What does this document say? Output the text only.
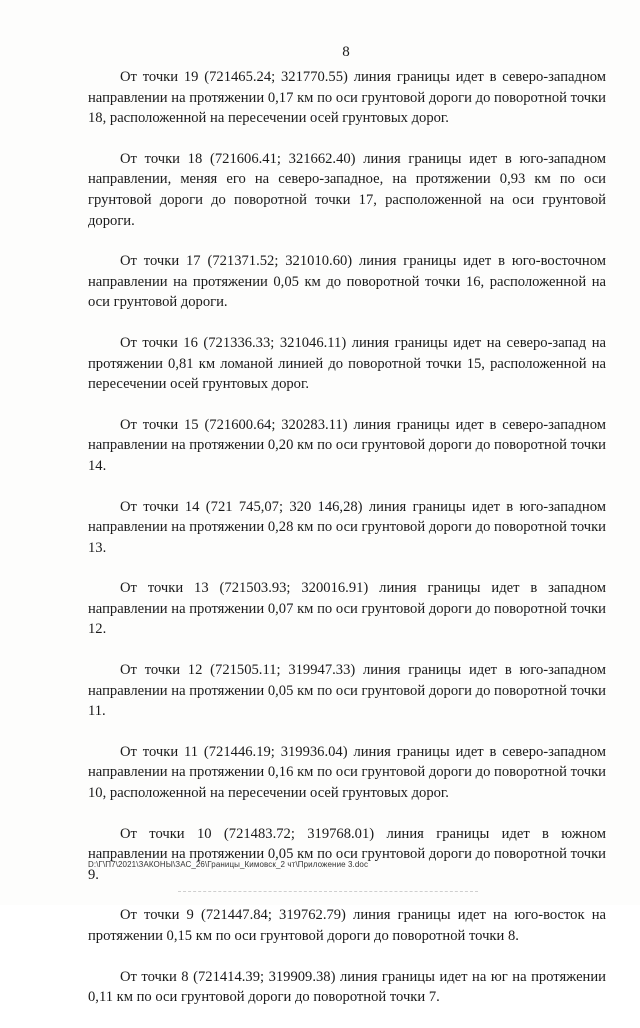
8

От точки 19 (721465.24; 321770.55) линия границы идет в северо-западном направлении на протяжении 0,17 км по оси грунтовой дороги до поворотной точки 18, расположенной на пересечении осей грунтовых дорог.

От точки 18 (721606.41; 321662.40) линия границы идет в юго-западном направлении, меняя его на северо-западное, на протяжении 0,93 км по оси грунтовой дороги до поворотной точки 17, расположенной на оси грунтовой дороги.

От точки 17 (721371.52; 321010.60) линия границы идет в юго-восточном направлении на протяжении 0,05 км до поворотной точки 16, расположенной на оси грунтовой дороги.

От точки 16 (721336.33; 321046.11) линия границы идет на северо-запад на протяжении 0,81 км ломаной линией до поворотной точки 15, расположенной на пересечении осей грунтовых дорог.

От точки 15 (721600.64; 320283.11) линия границы идет в северо-западном направлении на протяжении 0,20 км по оси грунтовой дороги до поворотной точки 14.

От точки 14 (721 745,07; 320 146,28) линия границы идет в юго-западном направлении на протяжении 0,28 км по оси грунтовой дороги до поворотной точки 13.

От точки 13 (721503.93; 320016.91) линия границы идет в западном направлении на протяжении 0,07 км по оси грунтовой дороги до поворотной точки 12.

От точки 12 (721505.11; 319947.33) линия границы идет в юго-западном направлении на протяжении 0,05 км по оси грунтовой дороги до поворотной точки 11.

От точки 11 (721446.19; 319936.04) линия границы идет в северо-западном направлении на протяжении 0,16 км по оси грунтовой дороги до поворотной точки 10, расположенной на пересечении осей грунтовых дорог.

От точки 10 (721483.72; 319768.01) линия границы идет в южном направлении на протяжении 0,05 км по оси грунтовой дороги до поворотной точки 9.

От точки 9 (721447.84; 319762.79) линия границы идет на юго-восток на протяжении 0,15 км по оси грунтовой дороги до поворотной точки 8.

От точки 8 (721414.39; 319909.38) линия границы идет на юг на протяжении 0,11 км по оси грунтовой дороги до поворотной точки 7.

D:\Г\П7\2021\ЗАКОНЫ\ЗАС_26\Границы_Кимовск_2 чт\Приложение 3.doc
